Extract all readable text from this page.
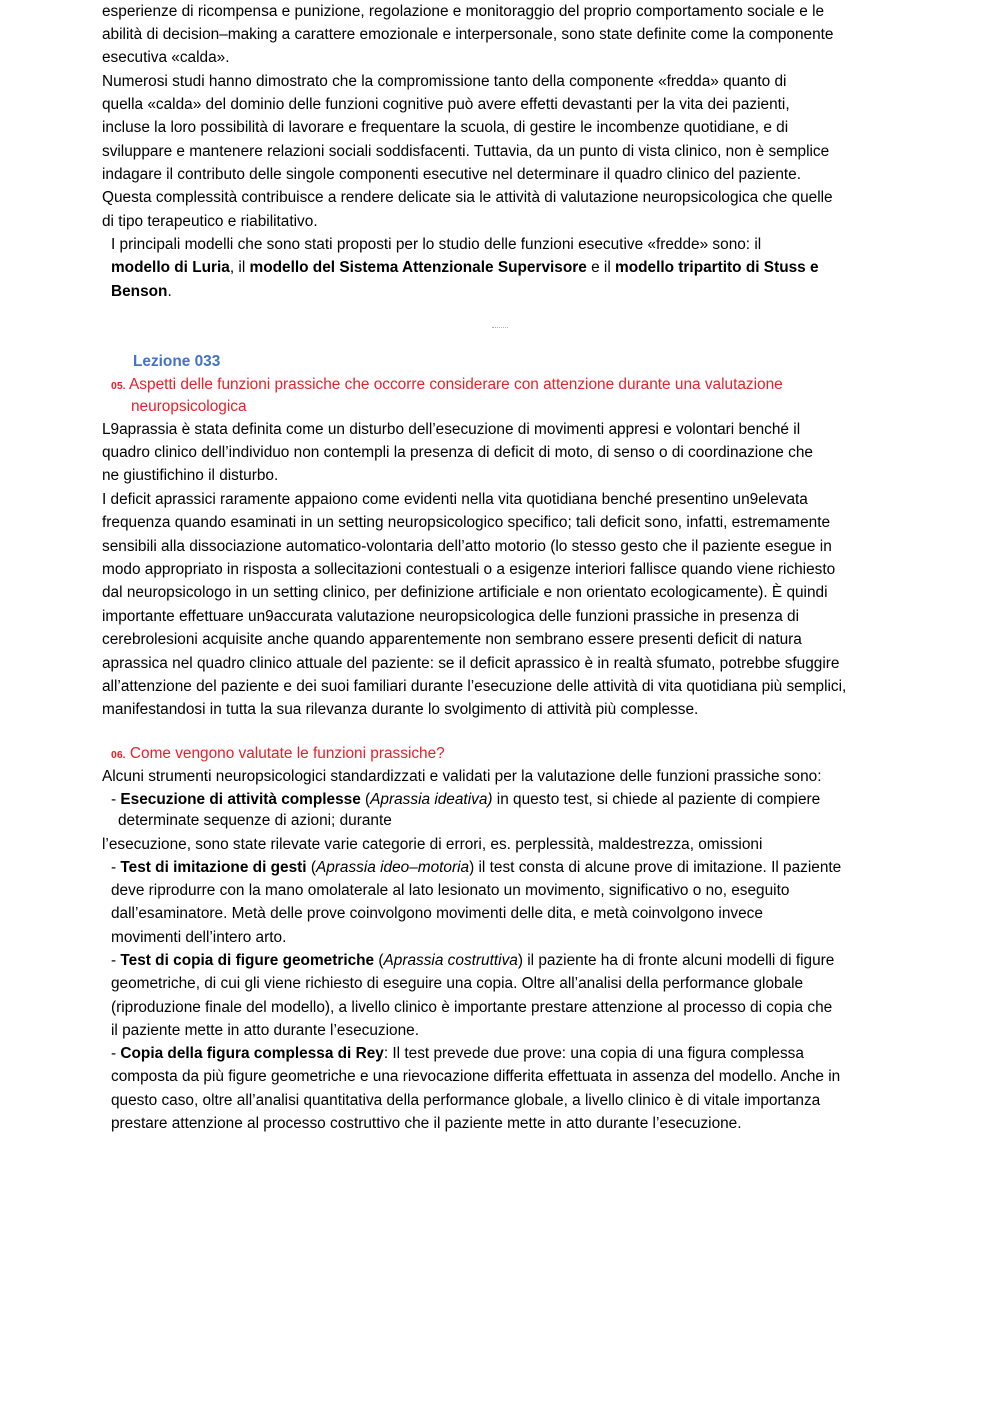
esperienze di ricompensa e punizione, regolazione e monitoraggio del proprio comportamento sociale e le
abilità di decision–making a carattere emozionale e interpersonale, sono state definite come la componente
esecutiva «calda».
Numerosi studi hanno dimostrato che la compromissione tanto della componente «fredda» quanto di
quella «calda» del dominio delle funzioni cognitive può avere effetti devastanti per la vita dei pazienti,
incluse la loro possibilità di lavorare e frequentare la scuola, di gestire le incombenze quotidiane, e di
sviluppare e mantenere relazioni sociali soddisfacenti. Tuttavia, da un punto di vista clinico, non è semplice
indagare il contributo delle singole componenti esecutive nel determinare il quadro clinico del paziente.
Questa complessità contribuisce a rendere delicate sia le attività di valutazione neuropsicologica che quelle
di tipo terapeutico e riabilitativo.
I principali modelli che sono stati proposti per lo studio delle funzioni esecutive «fredde» sono: il
modello di Luria, il modello del Sistema Attenzionale Supervisore e il modello tripartito di Stuss e
Benson.
Lezione 033
05. Aspetti delle funzioni prassiche che occorre considerare con attenzione durante una valutazione
neuropsicologica
L9aprassia è stata definita come un disturbo dell’esecuzione di movimenti appresi e volontari benché il
quadro clinico dell’individuo non contempli la presenza di deficit di moto, di senso o di coordinazione che
ne giustifichino il disturbo.
I deficit aprassici raramente appaiono come evidenti nella vita quotidiana benché presentino un9elevata
frequenza quando esaminati in un setting neuropsicologico specifico; tali deficit sono, infatti, estremamente
sensibili alla dissociazione automatico-volontaria dell’atto motorio (lo stesso gesto che il paziente esegue in
modo appropriato in risposta a sollecitazioni contestuali o a esigenze interiori fallisce quando viene richiesto
dal neuropsicologo in un setting clinico, per definizione artificiale e non orientato ecologicamente). È quindi
importante effettuare un9accurata valutazione neuropsicologica delle funzioni prassiche in presenza di
cerebrolesioni acquisite anche quando apparentemente non sembrano essere presenti deficit di natura
aprassica nel quadro clinico attuale del paziente: se il deficit aprassico è in realtà sfumato, potrebbe sfuggire
all’attenzione del paziente e dei suoi familiari durante l’esecuzione delle attività di vita quotidiana più semplici,
manifestandosi in tutta la sua rilevanza durante lo svolgimento di attività più complesse.
06. Come vengono valutate le funzioni prassiche?
Alcuni strumenti neuropsicologici standardizzati e validati per la valutazione delle funzioni prassiche sono:
- Esecuzione di attività complesse (Aprassia ideativa) in questo test, si chiede al paziente di compiere
determinate sequenze di azioni; durante
l’esecuzione, sono state rilevate varie categorie di errori, es. perplessità, maldestrezza, omissioni
- Test di imitazione di gesti (Aprassia ideo–motoria) il test consta di alcune prove di imitazione. Il paziente
deve riprodurre con la mano omolaterale al lato lesionato un movimento, significativo o no, eseguito
dall’esaminatore. Metà delle prove coinvolgono movimenti delle dita, e metà coinvolgono invece
movimenti dell’intero arto.
- Test di copia di figure geometriche (Aprassia costruttiva) il paziente ha di fronte alcuni modelli di figure
geometriche, di cui gli viene richiesto di eseguire una copia. Oltre all’analisi della performance globale
(riproduzione finale del modello), a livello clinico è importante prestare attenzione al processo di copia che
il paziente mette in atto durante l’esecuzione.
- Copia della figura complessa di Rey: Il test prevede due prove: una copia di una figura complessa
composta da più figure geometriche e una rievocazione differita effettuata in assenza del modello. Anche in
questo caso, oltre all’analisi quantitativa della performance globale, a livello clinico è di vitale importanza
prestare attenzione al processo costruttivo che il paziente mette in atto durante l’esecuzione.
